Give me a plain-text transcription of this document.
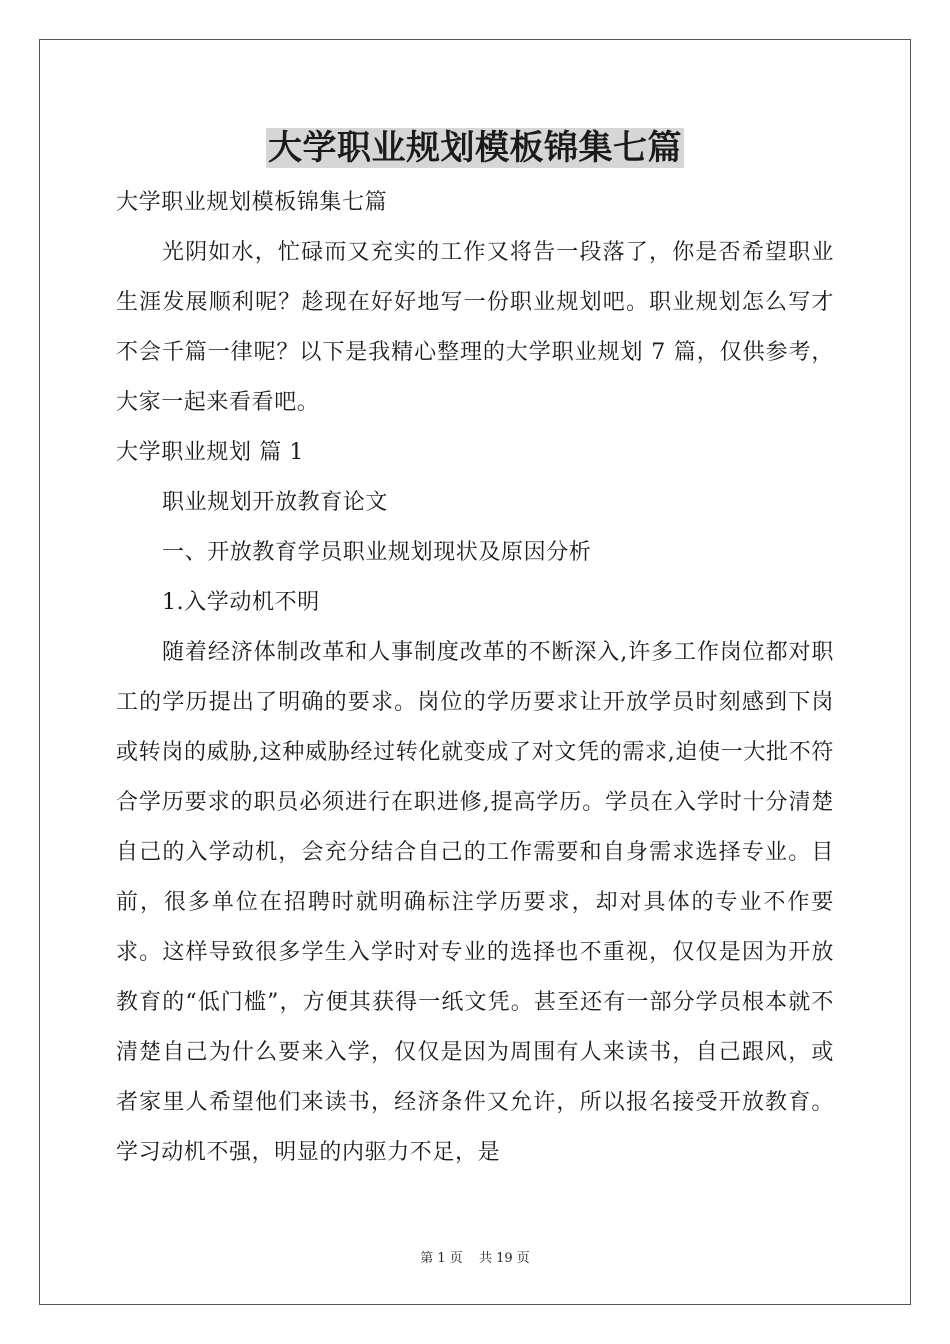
大学职业规划模板锦集七篇

大学职业规划模板锦集七篇

光阴如水，忙碌而又充实的工作又将告一段落了，你是否希望职业生涯发展顺利呢？趁现在好好地写一份职业规划吧。职业规划怎么写才不会千篇一律呢？以下是我精心整理的大学职业规划 7 篇，仅供参考，大家一起来看看吧。

大学职业规划 篇 1

职业规划开放教育论文

一、开放教育学员职业规划现状及原因分析

1.入学动机不明

随着经济体制改革和人事制度改革的不断深入,许多工作岗位都对职工的学历提出了明确的要求。岗位的学历要求让开放学员时刻感到下岗或转岗的威胁,这种威胁经过转化就变成了对文凭的需求,迫使一大批不符合学历要求的职员必须进行在职进修,提高学历。学员在入学时十分清楚自己的入学动机，会充分结合自己的工作需要和自身需求选择专业。目前，很多单位在招聘时就明确标注学历要求，却对具体的专业不作要求。这样导致很多学生入学时对专业的选择也不重视，仅仅是因为开放教育的“低门槛”，方便其获得一纸文凭。甚至还有一部分学员根本就不清楚自己为什么要来入学，仅仅是因为周围有人来读书，自己跟风，或者家里人希望他们来读书，经济条件又允许，所以报名接受开放教育。学习动机不强，明显的内驱力不足，是

第 1 页 共 19 页
